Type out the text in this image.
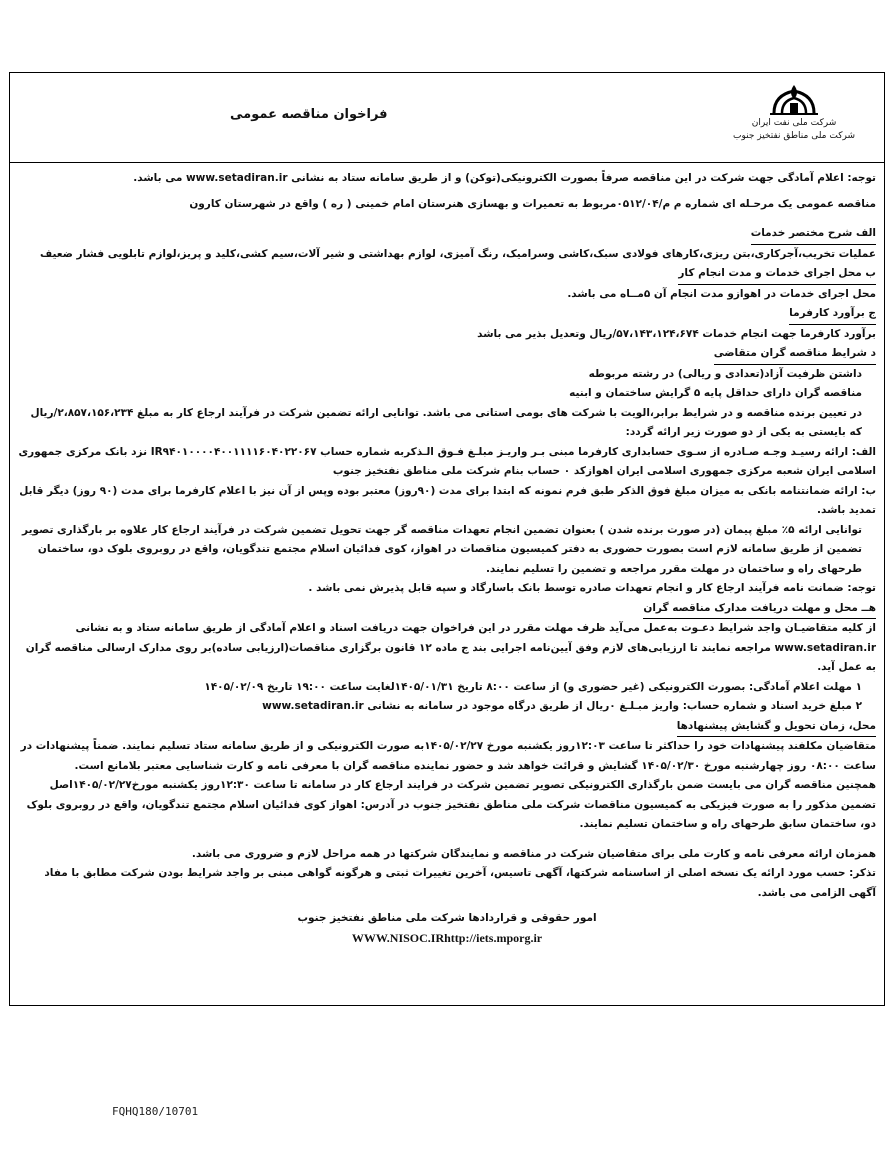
فراخوان مناقصه عمومی
شرکت ملی نفت ایران
شرکت ملی مناطق نفتخیز جنوب
توجه: اعلام آمادگی جهت شرکت در این مناقصه صرفاً بصورت الکترونیکی(توکن) و از طریق سامانه ستاد به نشانی www.setadiran.ir می باشد.
مناقصه عمومی یک مرحـله ای شماره م م/۰۵۱۲/۰۴مربوط به تعمیرات و بهسازی هنرستان امام خمینی ( ره ) واقع در شهرستان کارون
الف شرح مختصر خدمات
عملیات تخریب،آجرکاری،بتن ریزی،کارهای فولادی سبک،کاشی وسرامیک، رنگ آمیزی، لوازم بهداشتی و شیر آلات،سیم کشی،کلید و پریز،لوازم تابلویی فشار ضعیف
ب محل اجرای خدمات و مدت انجام کار
محل اجرای خدمات در اهوازو مدت انجام آن ۵مــاه می باشد.
ج برآورد کارفرما
برآورد کارفرما جهت انجام خدمات ۵۷،۱۴۳،۱۲۴،۶۷۴/ریال وتعدیل بذیر می باشد
د شرایط مناقصه گران متقاضی
داشتن ظرفیت آزاد(تعدادی و ریالی) در رشته مربوطه
مناقصه گران دارای حداقل پایه ۵ گرایش ساختمان و ابنیه
در تعیین برنده مناقصه و در شرایط برابر،الویت با شرکت های بومی استانی می باشد. توانایی ارائه تضمین شرکت در فرآیند ارجاع کار به مبلغ ۲،۸۵۷،۱۵۶،۲۳۴/ریال که بایستی به یکی از دو صورت زیر ارائه گردد:
الف: ارائه رسیـد وجـه صـادره از سـوی حسابداری کارفرما مبنی بـر واریـز مبلـغ فـوق الـذکربه شماره حساب IR۹۴۰۱۰۰۰۰۴۰۰۱۱۱۱۶۰۴۰۲۲۰۶۷ نزد بانک مرکزی جمهوری اسلامی ایران شعبه مرکزی جمهوری اسلامی ایران اهوازکد ۰ حساب بنام شرکت ملی مناطق نفتخیز جنوب
ب: ارائه ضمانتنامه بانکی به میزان مبلغ فوق الذکر طبق فرم نمونه که ابتدا برای مدت (۹۰روز) معتبر بوده وپس از آن نیز با اعلام کارفرما برای مدت (۹۰ روز) دیگر قابل تمدید باشد.
توانایی ارائه ۵٪ مبلغ پیمان (در صورت برنده شدن ) بعنوان تضمین انجام تعهدات مناقصه گر جهت تحویل تضمین شرکت در فرآیند ارجاع کار علاوه بر بارگذاری تصویر تضمین از طریق سامانه لازم است بصورت حضوری به دفتر کمیسیون مناقصات در اهواز، کوی فدائیان اسلام مجتمع تندگویان، واقع در روبروی بلوک دو، ساختمان طرحهای راه و ساختمان در مهلت مقرر مراجعه و تضمین را تسلیم نمایند.
توجه: ضمانت نامه فرآیند ارجاع کار و انجام تعهدات صادره توسط بانک باسارگاد و سپه قابل پذیرش نمی باشد .
هــ محل و مهلت دریافت مدارک مناقصه گران
از کلیه متقاضیـان واجد شرایط دعـوت به‌عمل می‌آید ظرف مهلت مقرر در این فراخوان جهت دریافت اسناد و اعلام آمادگی از طریق سامانه ستاد و به نشانی www.setadiran.ir مراجعه نمایند تا ارزیابی‌های لازم وفق آیین‌نامه اجرایی بند ج ماده ۱۲ قانون برگزاری مناقصات(ارزیابی ساده)بر روی مدارک ارسالی مناقصه گران به عمل آید.
۱ مهلت اعلام آمادگی: بصورت الکترونیکی (غیر حضوری و) از ساعت ۸:۰۰ تاریخ ۱۴۰۵/۰۱/۳۱لغایت ساعت ۱۹:۰۰ تاریخ ۱۴۰۵/۰۲/۰۹
۲ مبلغ خرید اسناد و شماره حساب: واریز مبـلـغ ۰ریال از طریق درگاه موجود در سامانه به نشانی www.setadiran.ir
محل، زمان تحویل و گشایش پیشنهادها
متقاضیان مکلفند پیشنهادات خود را حداکثر تا ساعت ۱۲:۰۳روز یکشنبه مورخ ۱۴۰۵/۰۲/۲۷به صورت الکترونیکی و از طریق سامانه ستاد تسلیم نمایند. ضمناً پیشنهادات در ساعت ۰۸:۰۰ روز چهارشنبه مورخ ۱۴۰۵/۰۲/۳۰ گشایش و قرائت خواهد شد و حضور نماینده مناقصه گران با معرفی نامه و کارت شناسایی معتبر بلامانع است.
همچنین مناقصه گران می بایست ضمن بارگذاری الکترونیکی تصویر تضمین شرکت در فرایند ارجاع کار در سامانه تا ساعت ۱۲:۳۰روز یکشنبه مورخ۱۴۰۵/۰۲/۲۷اصل تضمین مذکور را به صورت فیزیکی به کمیسیون مناقصات شرکت ملی مناطق نفتخیز جنوب در آدرس: اهواز کوی فدائیان اسلام مجتمع تندگویان، واقع در روبروی بلوک دو، ساختمان سابق طرحهای راه و ساختمان تسلیم نمایند.
همزمان ارائه معرفی نامه و کارت ملی برای متقاضیان شرکت در مناقصه و نمایندگان شرکتها در همه مراحل لازم و ضروری می باشد.
تذکر: حسب مورد ارائه یک نسخه اصلی از اساسنامه شرکتها، آگهی تاسیس، آخرین تغییرات ثبتی و هرگونه گواهی مبنی بر واجد شرایط بودن شرکت مطابق با مفاد آگهی الزامی می باشد.
امور حقوقی و قراردادها شرکت ملی مناطق نفتخیز جنوب
WWW.NISOC.IRhttp://iets.mporg.ir
FQHQ180/10701
